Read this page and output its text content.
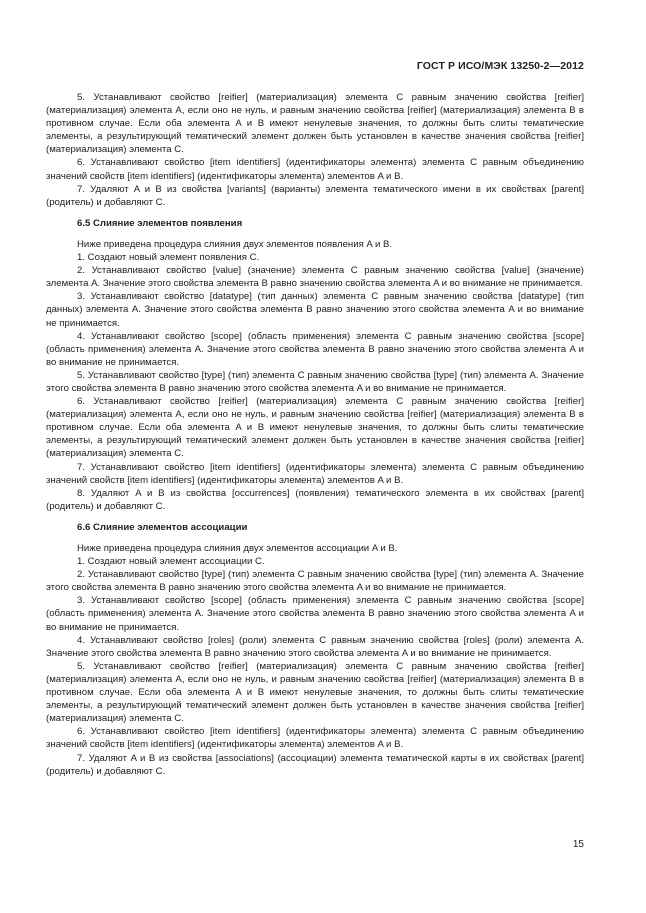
ГОСТ Р ИСО/МЭК 13250-2—2012

5. Устанавливают свойство [reifier] (материализация) элемента C равным значению свойства [reifier] (материализация) элемента A, если оно не нуль, и равным значению свойства [reifier] (материализация) элемента B в противном случае. Если оба элемента A и B имеют ненулевые значения, то должны быть слиты тематические элементы, а результирующий тематический элемент должен быть установлен в качестве значения свойства [reifier] (материализация) элемента C.

6. Устанавливают свойство [item identifiers] (идентификаторы элемента) элемента C равным объединению значений свойств [item identifiers] (идентификаторы элемента) элементов A и B.

7. Удаляют A и B из свойства [variants] (варианты) элемента тематического имени в их свойствах [parent] (родитель) и добавляют C.

6.5 Слияние элементов появления

Ниже приведена процедура слияния двух элементов появления A и B.

1. Создают новый элемент появления C.

2. Устанавливают свойство [value] (значение) элемента C равным значению свойства [value] (значение) элемента A. Значение этого свойства элемента B равно значению свойства элемента A и во внимание не принимается.

3. Устанавливают свойство [datatype] (тип данных) элемента C равным значению свойства [datatype] (тип данных) элемента A. Значение этого свойства элемента B равно значению этого свойства элемента A и во внимание не принимается.

4. Устанавливают свойство [scope] (область применения) элемента C равным значению свойства [scope] (область применения) элемента A. Значение этого свойства элемента B равно значению этого свойства элемента A и во внимание не принимается.

5. Устанавливают свойство [type] (тип) элемента C равным значению свойства [type] (тип) элемента A. Значение этого свойства элемента B равно значению этого свойства элемента A и во внимание не принимается.

6. Устанавливают свойство [reifier] (материализация) элемента C равным значению свойства [reifier] (материализация) элемента A, если оно не нуль, и равным значению свойства [reifier] (материализация) элемента B в противном случае. Если оба элемента A и B имеют ненулевые значения, то должны быть слиты тематические элементы, а результирующий тематический элемент должен быть установлен в качестве значения свойства [reifier] (материализация) элемента C.

7. Устанавливают свойство [item identifiers] (идентификаторы элемента) элемента C равным объединению значений свойств [item identifiers] (идентификаторы элемента) элементов A и B.

8. Удаляют A и B из свойства [occurrences] (появления) тематического элемента в их свойствах [parent] (родитель) и добавляют C.

6.6 Слияние элементов ассоциации

Ниже приведена процедура слияния двух элементов ассоциации A и B.

1. Создают новый элемент ассоциации C.

2. Устанавливают свойство [type] (тип) элемента C равным значению свойства [type] (тип) элемента A. Значение этого свойства элемента B равно значению этого свойства элемента A и во внимание не принимается.

3. Устанавливают свойство [scope] (область применения) элемента C равным значению свойства [scope] (область применения) элемента A. Значение этого свойства элемента B равно значению этого свойства элемента A и во внимание не принимается.

4. Устанавливают свойство [roles] (роли) элемента C равным значению свойства [roles] (роли) элемента A. Значение этого свойства элемента B равно значению этого свойства элемента A и во внимание не принимается.

5. Устанавливают свойство [reifier] (материализация) элемента C равным значению свойства [reifier] (материализация) элемента A, если оно не нуль, и равным значению свойства [reifier] (материализация) элемента B в противном случае. Если оба элемента A и B имеют ненулевые значения, то должны быть слиты тематические элементы, а результирующий тематический элемент должен быть установлен в качестве значения свойства [reifier] (материализация) элемента C.

6. Устанавливают свойство [item identifiers] (идентификаторы элемента) элемента C равным объединению значений свойств [item identifiers] (идентификаторы элемента) элементов A и B.

7. Удаляют A и B из свойства [associations] (ассоциации) элемента тематической карты в их свойствах [parent] (родитель) и добавляют C.

15
